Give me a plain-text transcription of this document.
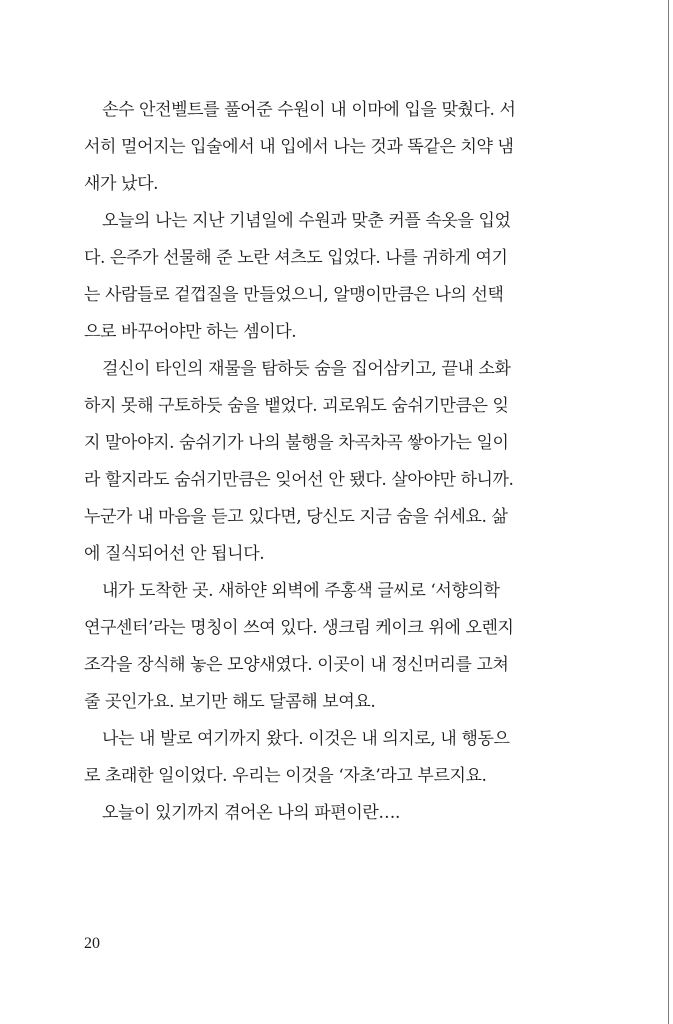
손수 안전벨트를 풀어준 수원이 내 이마에 입을 맞췄다. 서
서히 멀어지는 입술에서 내 입에서 나는 것과 똑같은 치약 냄
새가 났다.
오늘의 나는 지난 기념일에 수원과 맞춘 커플 속옷을 입었
다. 은주가 선물해 준 노란 셔츠도 입었다. 나를 귀하게 여기
는 사람들로 겉껍질을 만들었으니, 알맹이만큼은 나의 선택
으로 바꾸어야만 하는 셈이다.
걸신이 타인의 재물을 탐하듯 숨을 집어삼키고, 끝내 소화
하지 못해 구토하듯 숨을 뱉었다. 괴로워도 숨쉬기만큼은 잊
지 말아야지. 숨쉬기가 나의 불행을 차곡차곡 쌓아가는 일이
라 할지라도 숨쉬기만큼은 잊어선 안 됐다. 살아야만 하니까.
누군가 내 마음을 듣고 있다면, 당신도 지금 숨을 쉬세요. 삶
에 질식되어선 안 됩니다.
내가 도착한 곳. 새하얀 외벽에 주홍색 글씨로 ‘서향의학
연구센터’라는 명칭이 쓰여 있다. 생크림 케이크 위에 오렌지
조각을 장식해 놓은 모양새였다. 이곳이 내 정신머리를 고쳐
줄 곳인가요. 보기만 해도 달콤해 보여요.
나는 내 발로 여기까지 왔다. 이것은 내 의지로, 내 행동으
로 초래한 일이었다. 우리는 이것을 ‘자초’라고 부르지요.
오늘이 있기까지 겪어온 나의 파편이란….
20
